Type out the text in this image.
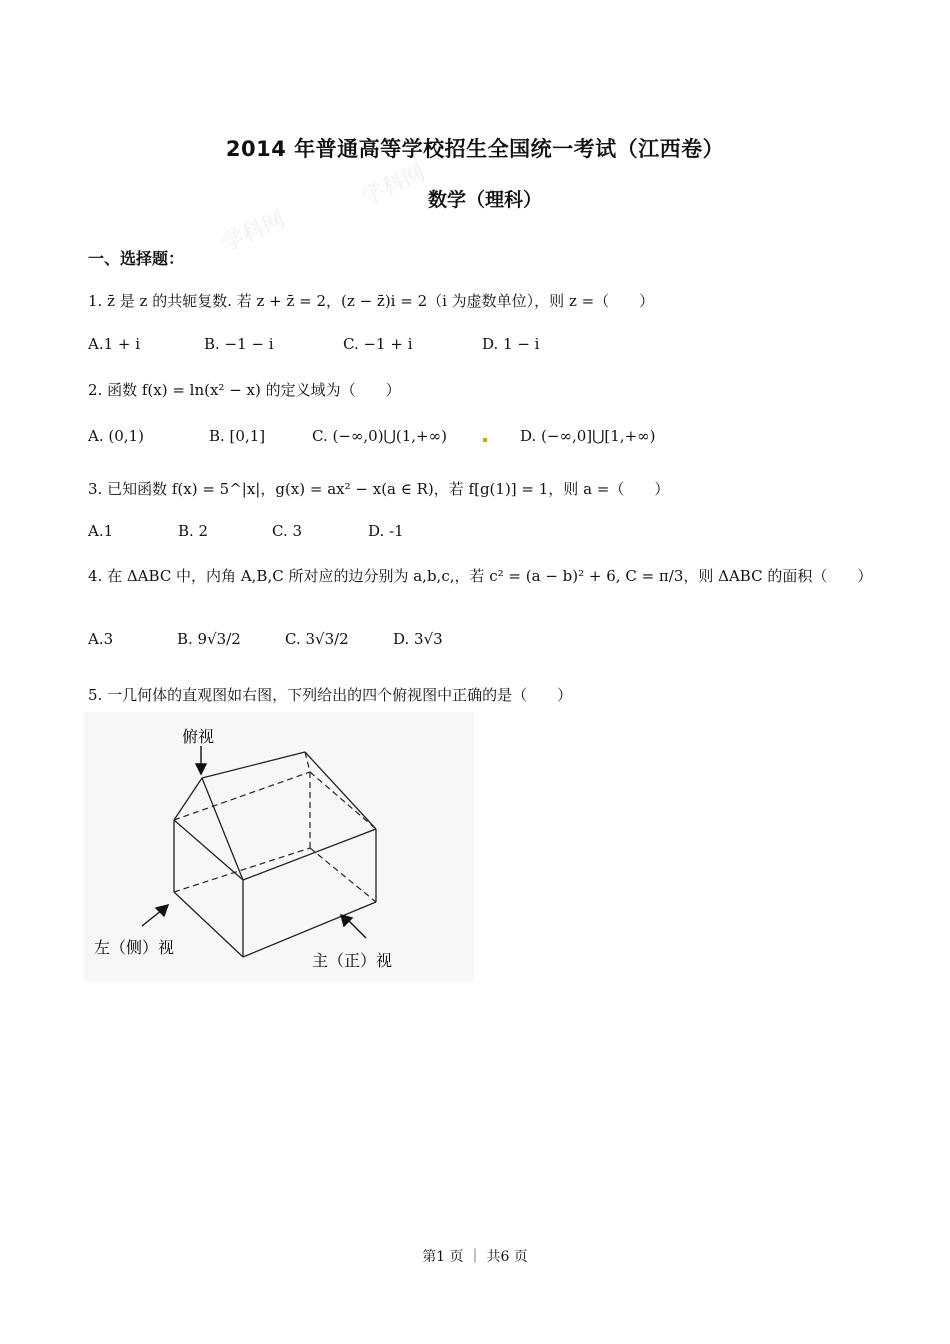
学科网
学科网
2014 年普通高等学校招生全国统一考试（江西卷）
数学（理科）
一、选择题：
1. z̄ 是 z 的共轭复数. 若 z + z̄ = 2，(z − z̄)i = 2（i 为虚数单位），则 z =（　　）
A.1 + i	B. −1 − i	C. −1 + i	D. 1 − i
2. 函数 f(x) = ln(x² − x) 的定义域为（　　）
A. (0,1)	B. [0,1]	C. (−∞,0)⋃(1,+∞)	D. (−∞,0]⋃[1,+∞)
3. 已知函数 f(x) = 5^|x|，g(x) = ax² − x(a ∈ R)，若 f[g(1)] = 1，则 a =（　　）
A.1	B. 2	C. 3	D. -1
4. 在 ΔABC 中，内角 A,B,C 所对应的边分别为 a,b,c,，若 c² = (a − b)² + 6, C = π/3，则 ΔABC 的面积（　　）
A.3	B. 9√3/2	C. 3√3/2	D. 3√3
5. 一几何体的直观图如右图，下列给出的四个俯视图中正确的是（　　）
俯视
左（侧）视
主（正）视
第1 页 ｜ 共6 页
